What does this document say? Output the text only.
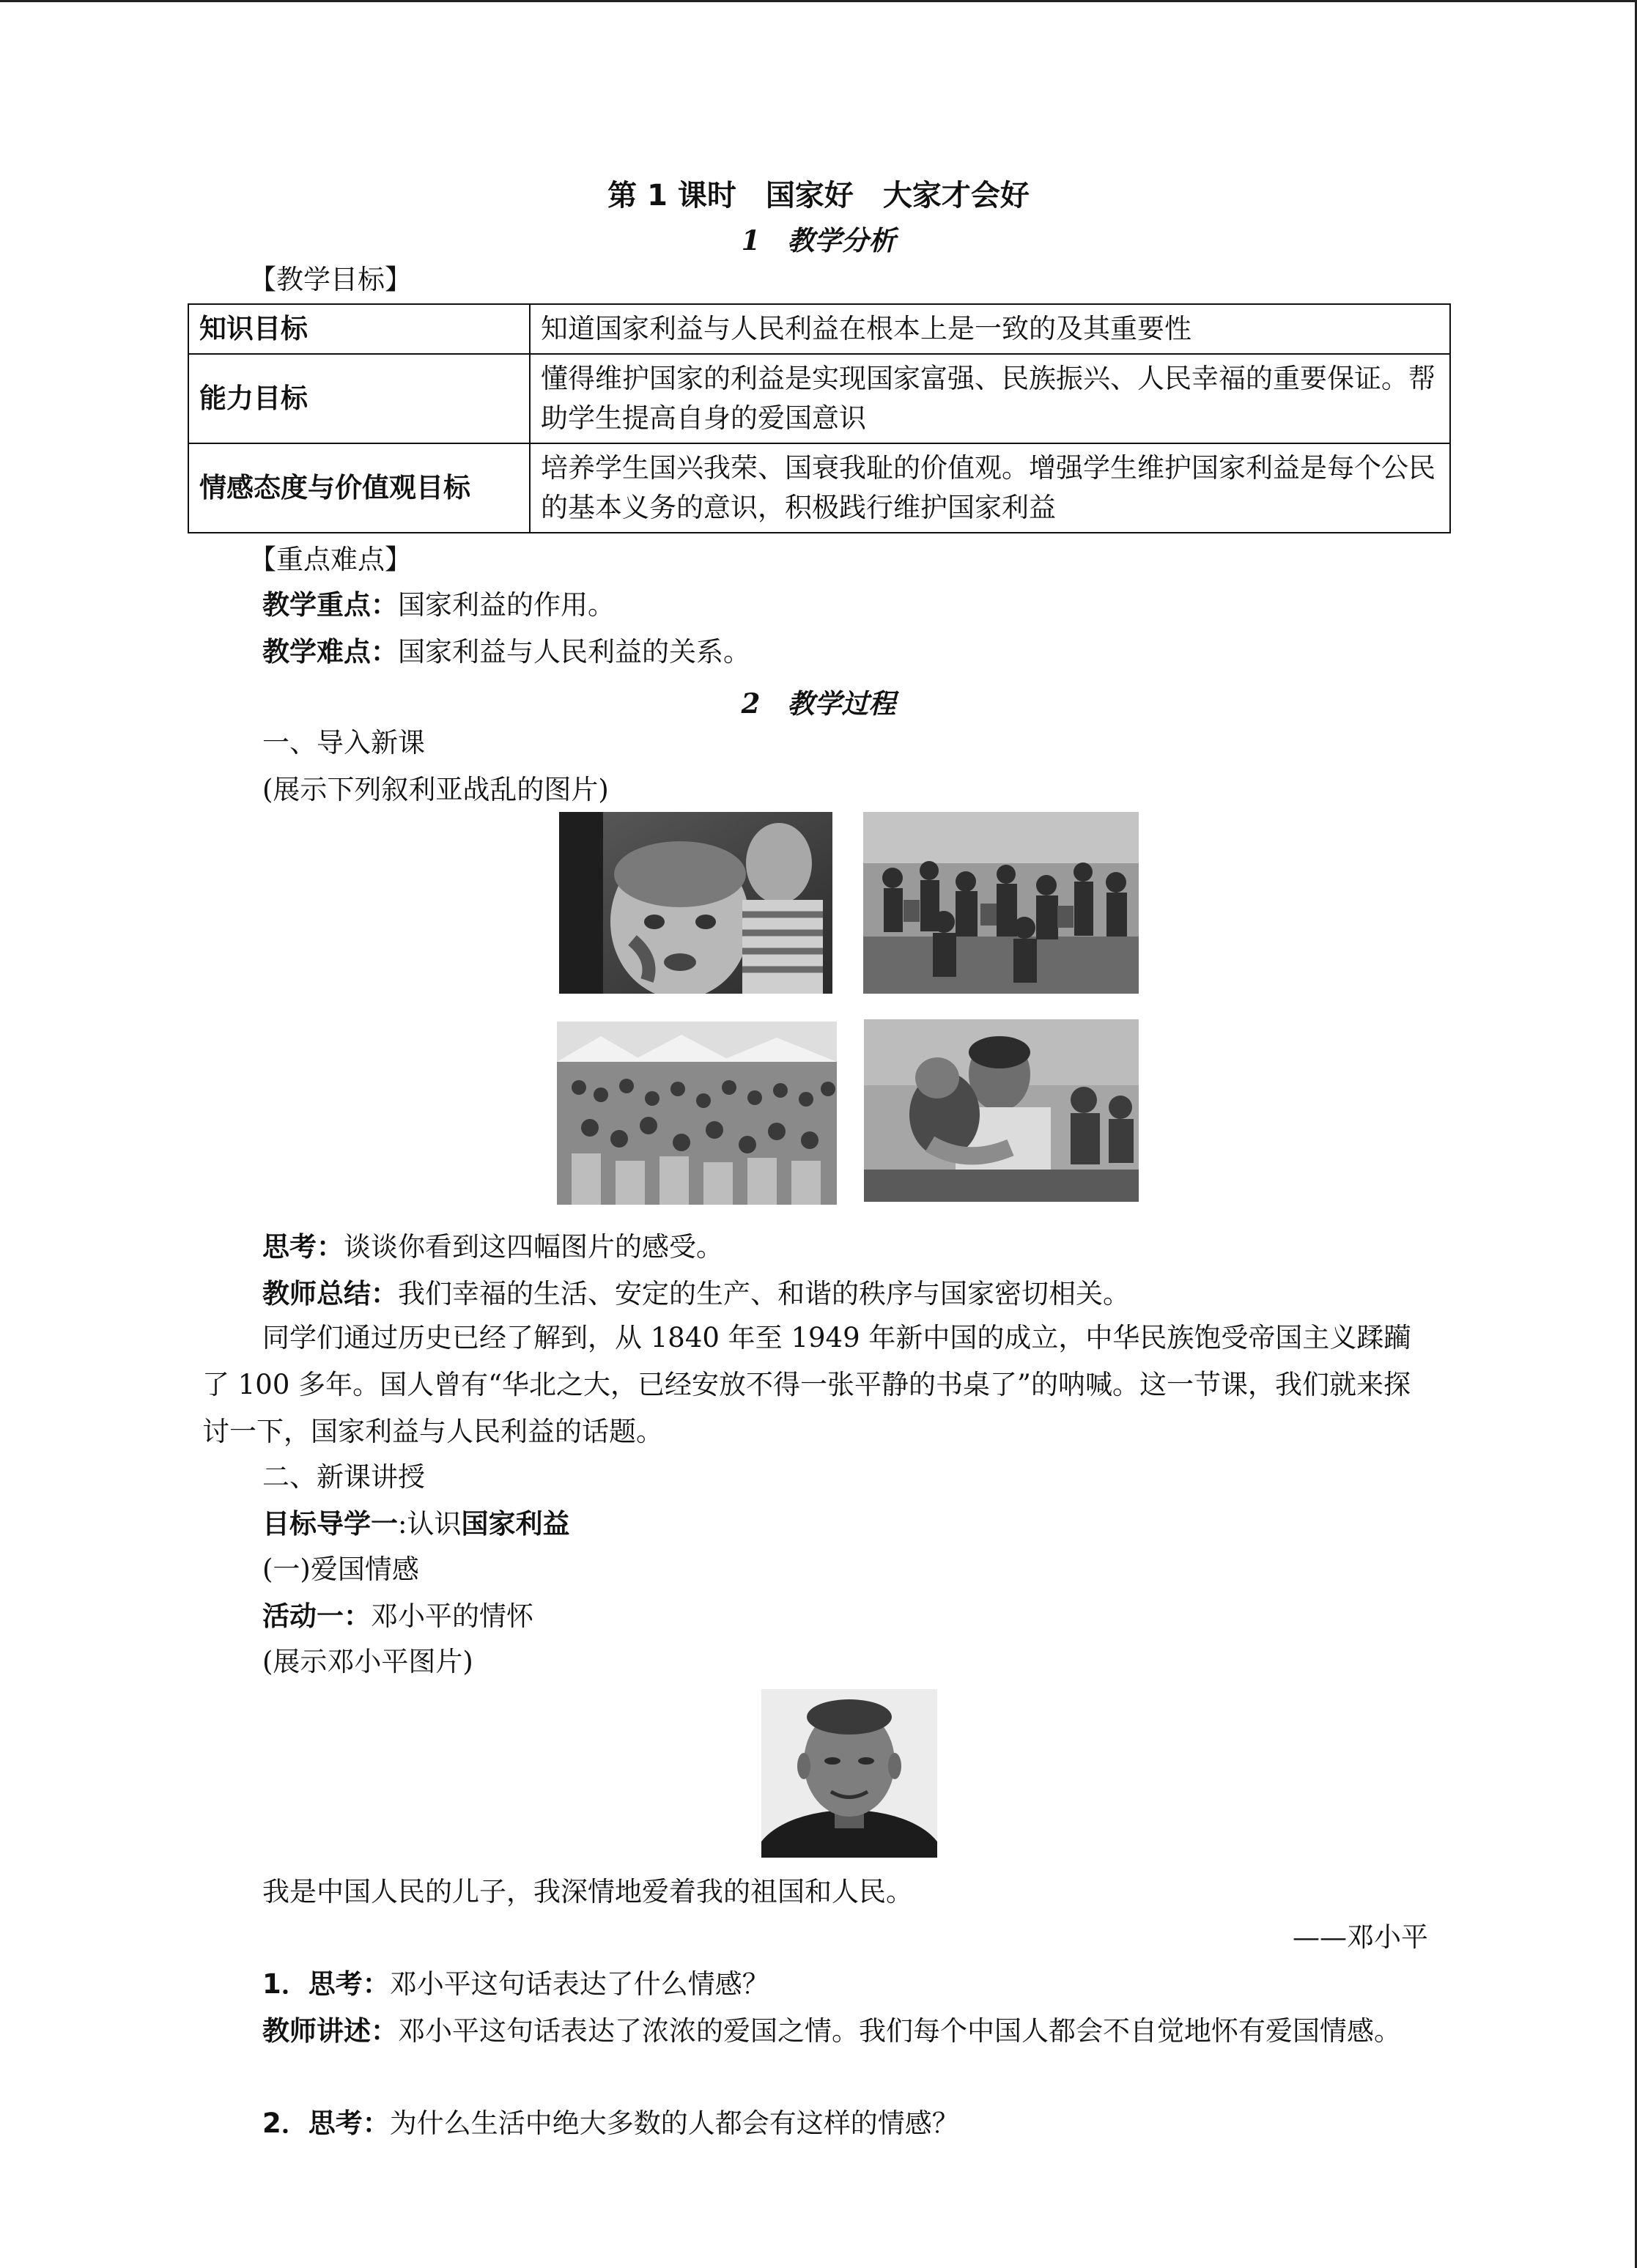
第 1 课时　国家好　大家才会好
1　教学分析
【教学目标】
知识目标	知道国家利益与人民利益在根本上是一致的及其重要性
能力目标	懂得维护国家的利益是实现国家富强、民族振兴、人民幸福的重要保证。帮助学生提高自身的爱国意识
情感态度与价值观目标	培养学生国兴我荣、国衰我耻的价值观。增强学生维护国家利益是每个公民的基本义务的意识，积极践行维护国家利益
【重点难点】
教学重点：国家利益的作用。
教学难点：国家利益与人民利益的关系。
2　教学过程
一、导入新课
(展示下列叙利亚战乱的图片)
思考：谈谈你看到这四幅图片的感受。
教师总结：我们幸福的生活、安定的生产、和谐的秩序与国家密切相关。
同学们通过历史已经了解到，从 1840 年至 1949 年新中国的成立，中华民族饱受帝国主义蹂躏了 100 多年。国人曾有“华北之大，已经安放不得一张平静的书桌了”的呐喊。这一节课，我们就来探讨一下，国家利益与人民利益的话题。
二、新课讲授
目标导学一:认识国家利益
(一)爱国情感
活动一：邓小平的情怀
(展示邓小平图片)
我是中国人民的儿子，我深情地爱着我的祖国和人民。
——邓小平
1．思考：邓小平这句话表达了什么情感？
教师讲述：邓小平这句话表达了浓浓的爱国之情。我们每个中国人都会不自觉地怀有爱国情感。
2．思考：为什么生活中绝大多数的人都会有这样的情感？
